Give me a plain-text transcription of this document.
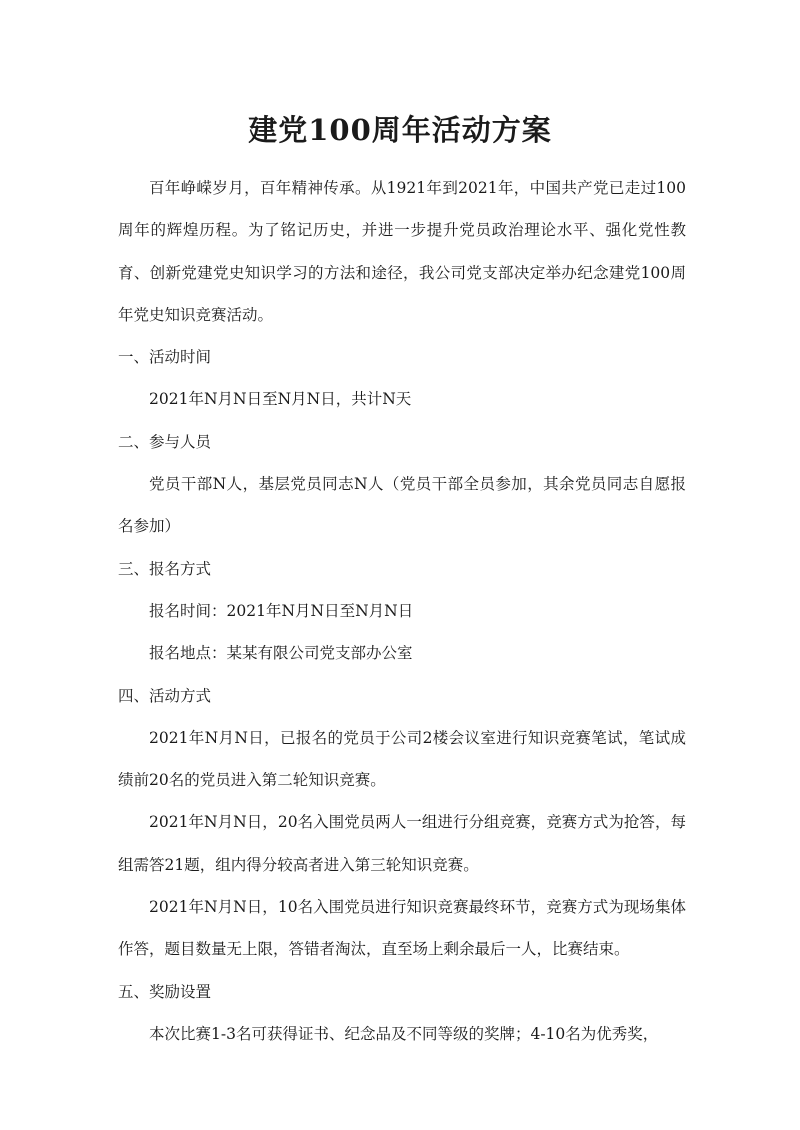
建党100周年活动方案

百年峥嵘岁月，百年精神传承。从1921年到2021年，中国共产党已走过100周年的辉煌历程。为了铭记历史，并进一步提升党员政治理论水平、强化党性教育、创新党建党史知识学习的方法和途径，我公司党支部决定举办纪念建党100周年党史知识竞赛活动。

一、活动时间

2021年N月N日至N月N日，共计N天

二、参与人员

党员干部N人，基层党员同志N人（党员干部全员参加，其余党员同志自愿报名参加）

三、报名方式

报名时间：2021年N月N日至N月N日

报名地点：某某有限公司党支部办公室

四、活动方式

2021年N月N日，已报名的党员于公司2楼会议室进行知识竞赛笔试，笔试成绩前20名的党员进入第二轮知识竞赛。

2021年N月N日，20名入围党员两人一组进行分组竞赛，竞赛方式为抢答，每组需答21题，组内得分较高者进入第三轮知识竞赛。

2021年N月N日，10名入围党员进行知识竞赛最终环节，竞赛方式为现场集体作答，题目数量无上限，答错者淘汰，直至场上剩余最后一人，比赛结束。

五、奖励设置

本次比赛1-3名可获得证书、纪念品及不同等级的奖牌；4-10名为优秀奖，
